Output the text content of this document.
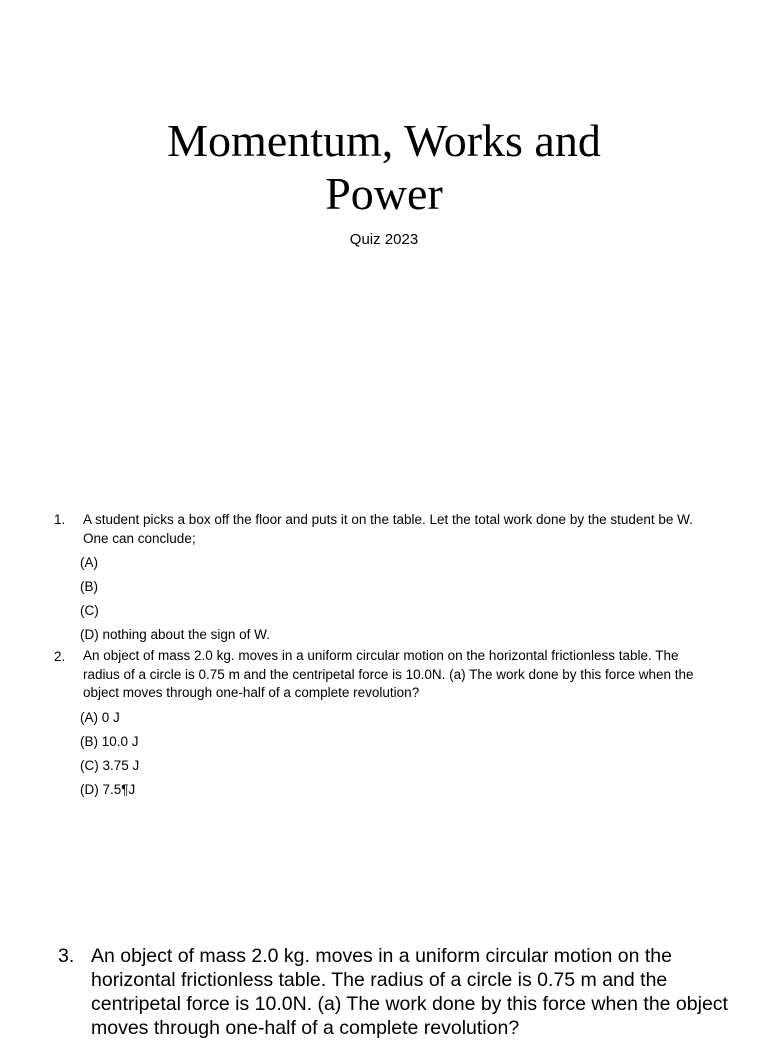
Momentum, Works and
Power
Quiz 2023
1. A student picks a box off the floor and puts it on the table. Let the total work done by the student be W. One can conclude;
(A)
(B)
(C)
(D) nothing about the sign of W.
2. An object of mass 2.0 kg. moves in a uniform circular motion on the horizontal frictionless table. The radius of a circle is 0.75 m and the centripetal force is 10.0N. (a) The work done by this force when the object moves through one-half of a complete revolution?
(A) 0 J
(B) 10.0 J
(C) 3.75 J
(D) 7.5¶J
3. An object of mass 2.0 kg. moves in a uniform circular motion on the horizontal frictionless table. The radius of a circle is 0.75 m and the centripetal force is 10.0N. (a) The work done by this force when the object moves through one-half of a complete revolution?
